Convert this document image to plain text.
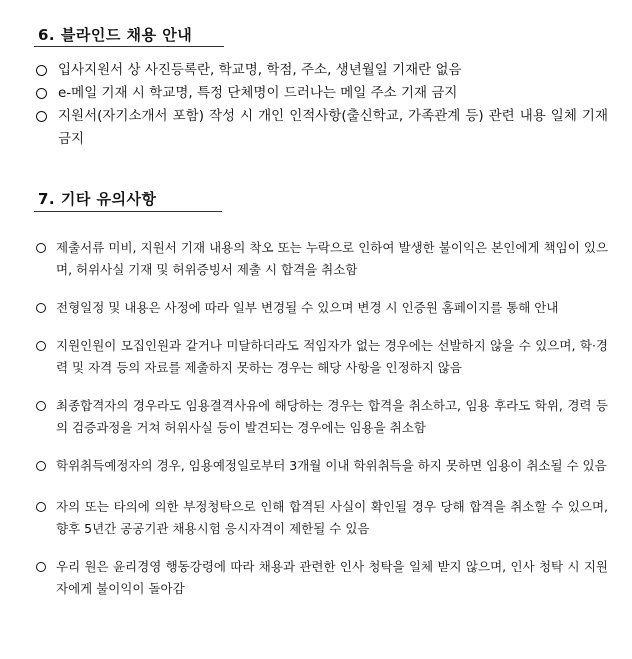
6. 블라인드 채용 안내
입사지원서 상 사진등록란, 학교명, 학점, 주소, 생년월일 기재란 없음
e-메일 기재 시 학교명, 특정 단체명이 드러나는 메일 주소 기재 금지
지원서(자기소개서 포함) 작성 시 개인 인적사항(출신학교, 가족관계 등) 관련 내용 일체 기재 금지
7. 기타 유의사항
제출서류 미비, 지원서 기재 내용의 착오 또는 누락으로 인하여 발생한 불이익은 본인에게 책임이 있으며, 허위사실 기재 및 허위증빙서 제출 시 합격을 취소함
전형일정 및 내용은 사정에 따라 일부 변경될 수 있으며 변경 시 인증원 홈페이지를 통해 안내
지원인원이 모집인원과 같거나 미달하더라도 적임자가 없는 경우에는 선발하지 않을 수 있으며, 학·경력 및 자격 등의 자료를 제출하지 못하는 경우는 해당 사항을 인정하지 않음
최종합격자의 경우라도 임용결격사유에 해당하는 경우는 합격을 취소하고, 임용 후라도 학위, 경력 등의 검증과정을 거쳐 허위사실 등이 발견되는 경우에는 임용을 취소함
학위취득예정자의 경우, 임용예정일로부터 3개월 이내 학위취득을 하지 못하면 임용이 취소될 수 있음
자의 또는 타의에 의한 부정청탁으로 인해 합격된 사실이 확인될 경우 당해 합격을 취소할 수 있으며, 향후 5년간 공공기관 채용시험 응시자격이 제한될 수 있음
우리 원은 윤리경영 행동강령에 따라 채용과 관련한 인사 청탁을 일체 받지 않으며, 인사 청탁 시 지원자에게 불이익이 돌아감
